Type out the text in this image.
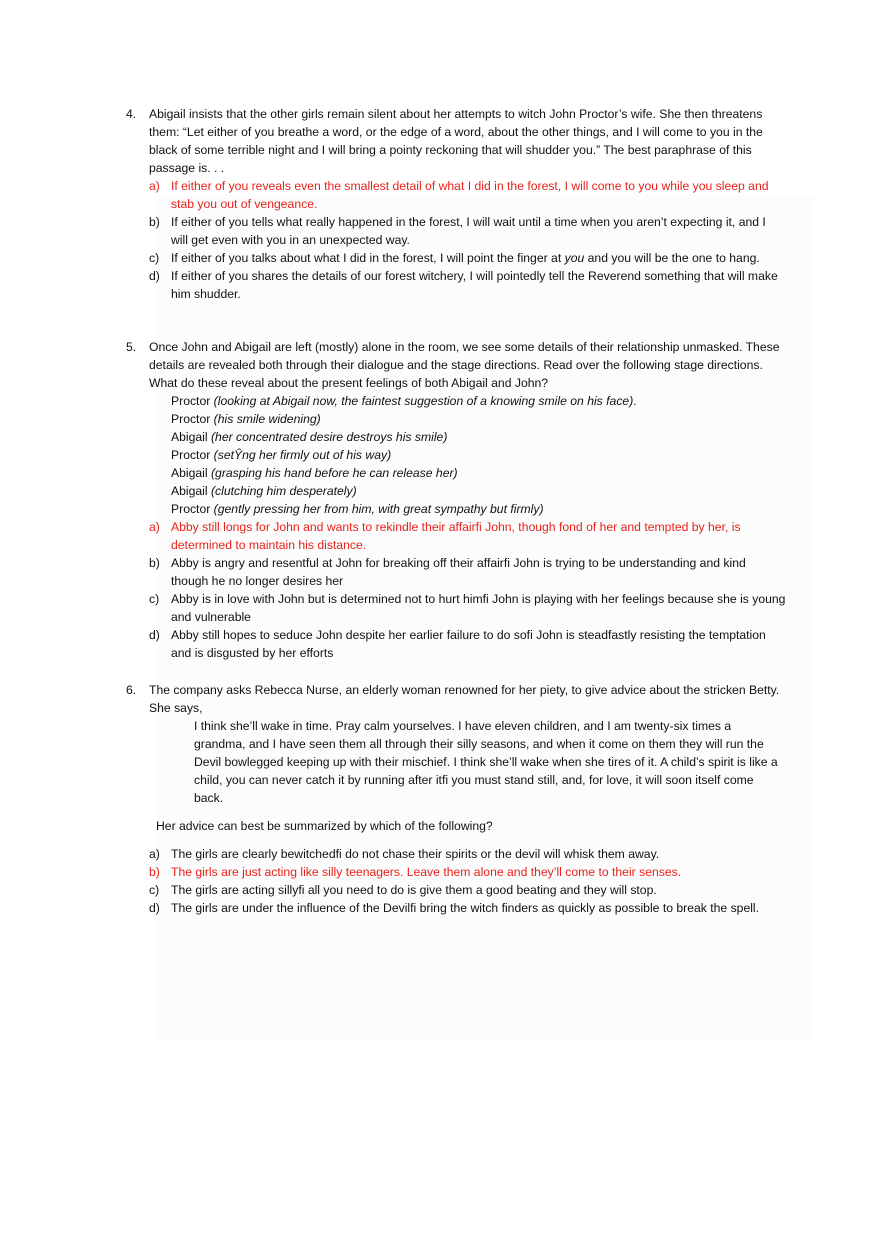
4.	Abigail insists that the other girls remain silent about her attempts to witch John Proctor’s wife. She then threatens them: “Let either of you breathe a word, or the edge of a word, about the other things, and I will come to you in the black of some terrible night and I will bring a pointy reckoning that will shudder you.” The best paraphrase of this passage is. . .
a) If either of you reveals even the smallest detail of what I did in the forest, I will come to you while you sleep and stab you out of vengeance.
b) If either of you tells what really happened in the forest, I will wait until a time when you aren’t expecting it, and I will get even with you in an unexpected way.
c) If either of you talks about what I did in the forest, I will point the finger at you and you will be the one to hang.
d) If either of you shares the details of our forest witchery, I will pointedly tell the Reverend something that will make him shudder.
5.	Once John and Abigail are left (mostly) alone in the room, we see some details of their relationship unmasked. These details are revealed both through their dialogue and the stage directions. Read over the following stage directions. What do these reveal about the present feelings of both Abigail and John?
Proctor (looking at Abigail now, the faintest suggestion of a knowing smile on his face).
Proctor (his smile widening)
Abigail (her concentrated desire destroys his smile)
Proctor (setŶng her firmly out of his way)
Abigail (grasping his hand before he can release her)
Abigail (clutching him desperately)
Proctor (gently pressing her from him, with great sympathy but firmly)
a) Abby still longs for John and wants to rekindle their affairfi John, though fond of her and tempted by her, is determined to maintain his distance.
b) Abby is angry and resentful at John for breaking off their affairfi John is trying to be understanding and kind though he no longer desires her
c) Abby is in love with John but is determined not to hurt himfi John is playing with her feelings because she is young and vulnerable
d) Abby still hopes to seduce John despite her earlier failure to do sofi John is steadfastly resisting the temptation and is disgusted by her efforts
6.	The company asks Rebecca Nurse, an elderly woman renowned for her piety, to give advice about the stricken Betty. She says,
I think she’ll wake in time. Pray calm yourselves. I have eleven children, and I am twenty-six times a grandma, and I have seen them all through their silly seasons, and when it come on them they will run the Devil bowlegged keeping up with their mischief. I think she’ll wake when she tires of it. A child’s spirit is like a child, you can never catch it by running after itfi you must stand still, and, for love, it will soon itself come back.
Her advice can best be summarized by which of the following?
a) The girls are clearly bewitchedfi do not chase their spirits or the devil will whisk them away.
b) The girls are just acting like silly teenagers. Leave them alone and they’ll come to their senses.
c) The girls are acting sillyfi all you need to do is give them a good beating and they will stop.
d) The girls are under the influence of the Devilfi bring the witch finders as quickly as possible to break the spell.
